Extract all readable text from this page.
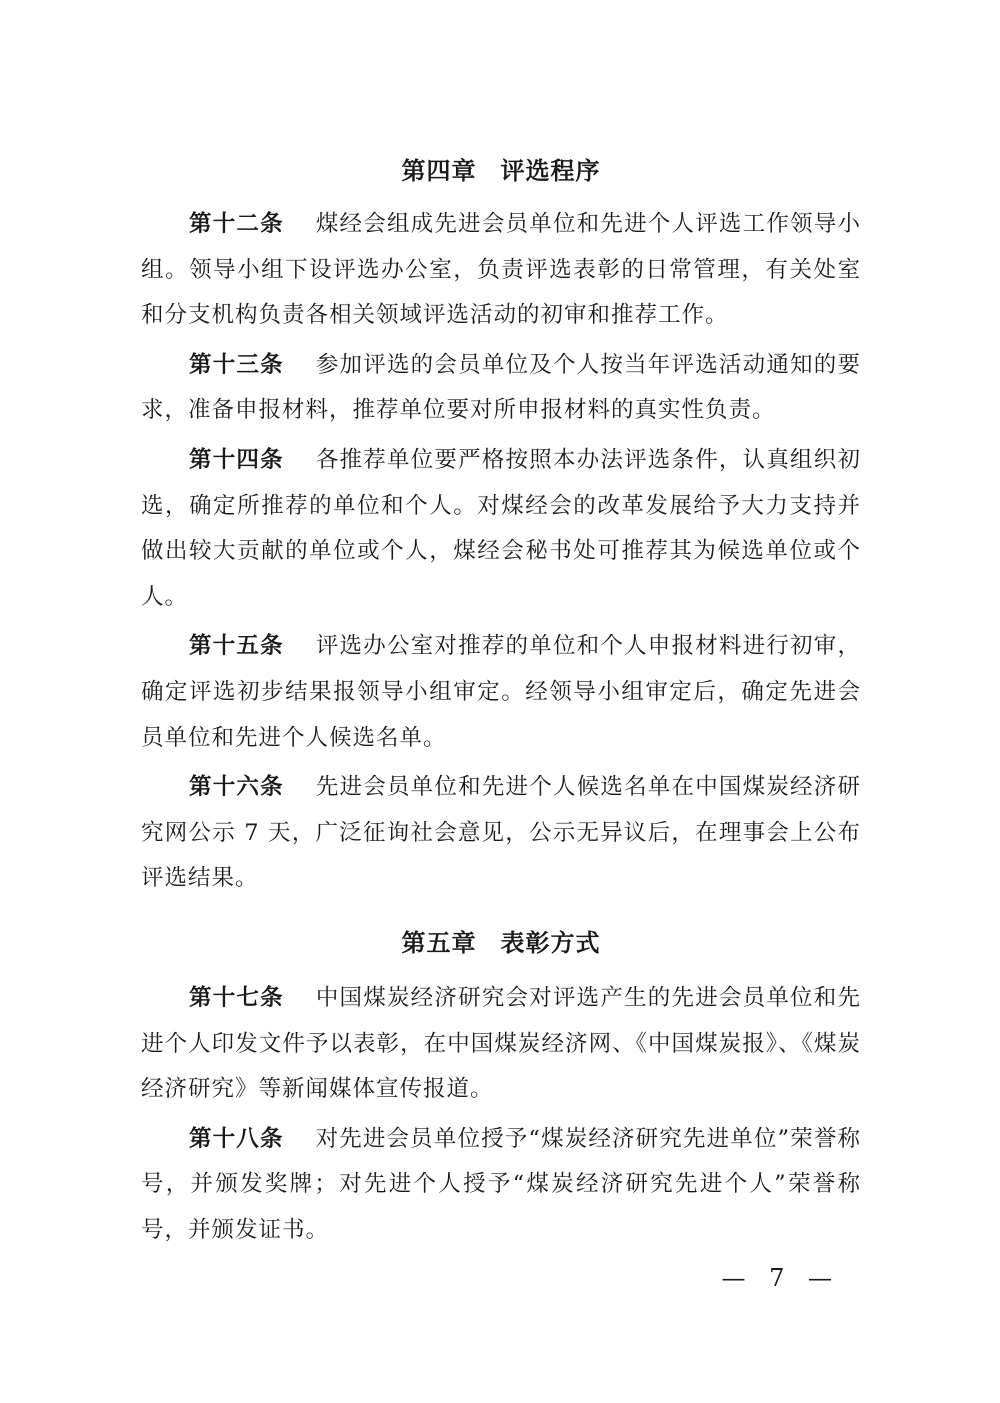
第四章 评选程序

第十二条 煤经会组成先进会员单位和先进个人评选工作领导小组。领导小组下设评选办公室，负责评选表彰的日常管理，有关处室和分支机构负责各相关领域评选活动的初审和推荐工作。

第十三条 参加评选的会员单位及个人按当年评选活动通知的要求，准备申报材料，推荐单位要对所申报材料的真实性负责。

第十四条 各推荐单位要严格按照本办法评选条件，认真组织初选，确定所推荐的单位和个人。对煤经会的改革发展给予大力支持并做出较大贡献的单位或个人，煤经会秘书处可推荐其为候选单位或个人。

第十五条 评选办公室对推荐的单位和个人申报材料进行初审，确定评选初步结果报领导小组审定。经领导小组审定后，确定先进会员单位和先进个人候选名单。

第十六条 先进会员单位和先进个人候选名单在中国煤炭经济研究网公示 7 天，广泛征询社会意见，公示无异议后，在理事会上公布评选结果。

第五章 表彰方式

第十七条 中国煤炭经济研究会对评选产生的先进会员单位和先进个人印发文件予以表彰，在中国煤炭经济网、《中国煤炭报》、《煤炭经济研究》等新闻媒体宣传报道。

第十八条 对先进会员单位授予“煤炭经济研究先进单位”荣誉称号，并颁发奖牌；对先进个人授予“煤炭经济研究先进个人”荣誉称号，并颁发证书。

— 7 —
